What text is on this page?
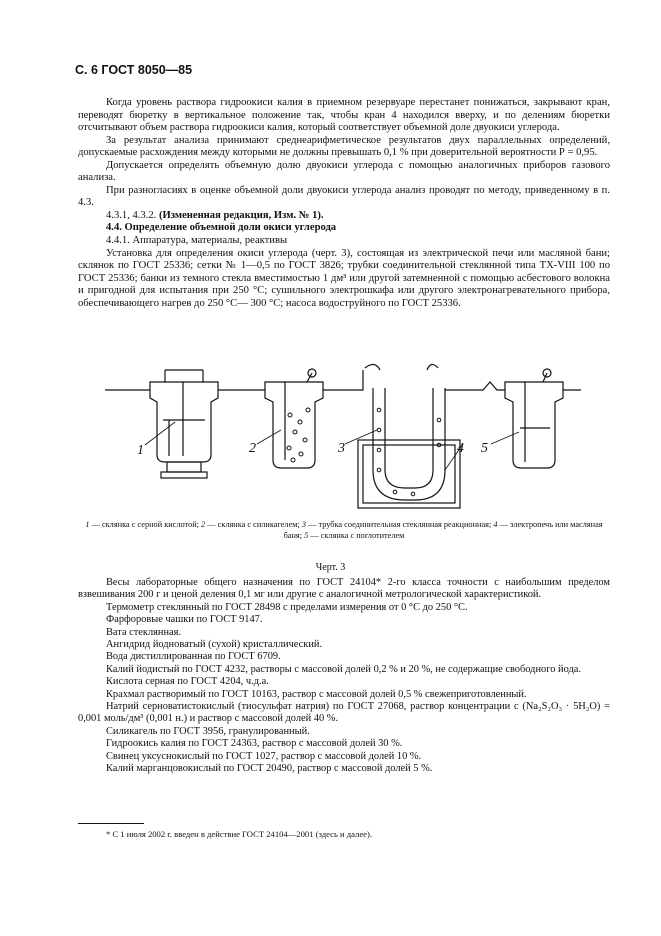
С. 6 ГОСТ 8050—85

Когда уровень раствора гидроокиси калия в приемном резервуаре перестанет понижаться, закрывают кран, переводят бюретку в вертикальное положение так, чтобы кран 4 находился вверху, и по делениям бюретки отсчитывают объем раствора гидроокиси калия, который соответствует объемной доле двуокиси углерода.

За результат анализа принимают среднеарифметическое результатов двух параллельных определений, допускаемые расхождения между которыми не должны превышать 0,1 % при доверительной вероятности Р = 0,95.

Допускается определять объемную долю двуокиси углерода с помощью аналогичных приборов газового анализа.

При разногласиях в оценке объемной доли двуокиси углерода анализ проводят по методу, приведенному в п. 4.3.

4.3.1, 4.3.2. (Измененная редакция, Изм. № 1).

4.4. Определение объемной доли окиси углерода

4.4.1. Аппаратура, материалы, реактивы

Установка для определения окиси углерода (черт. 3), состоящая из электрической печи или масляной бани; склянок по ГОСТ 25336; сетки № 1—0,5 по ГОСТ 3826; трубки соединительной стеклянной типа ТХ-VIII 100 по ГОСТ 25336; банки из темного стекла вместимостью 1 дм³ или другой затемненной с помощью асбестового волокна и пригодной для испытания при 250 °С; сушильного электрошкафа или другого электронагревательного прибора, обеспечивающего нагрев до 250 °С— 300 °С; насоса водоструйного по ГОСТ 25336.

1	2	3	4 5
1 — склянка с серной кислотой; 2 — склянка с силикагелем; 3 — трубка соединительная стеклянная реакционная; 4 — электропечь или масляная баня; 5 — склянка с поглотителем
Черт. 3

Весы лабораторные общего назначения по ГОСТ 24104* 2-го класса точности с наибольшим пределом взвешивания 200 г и ценой деления 0,1 мг или другие с аналогичной метрологической характеристикой.

Термометр стеклянный по ГОСТ 28498 с пределами измерения от 0 °С до 250 °С.

Фарфоровые чашки по ГОСТ 9147.

Вата стеклянная.

Ангидрид йодноватый (сухой) кристаллический.

Вода дистиллированная по ГОСТ 6709.

Калий йодистый по ГОСТ 4232, растворы с массовой долей 0,2 % и 20 %, не содержащие свободного йода.

Кислота серная по ГОСТ 4204, ч.д.а.

Крахмал растворимый по ГОСТ 10163, раствор с массовой долей 0,5 % свежеприготовленный.

Натрий серноватистокислый (тиосульфат натрия) по ГОСТ 27068, раствор концентрации с (Na₂S₂O₃ · 5H₂O) = 0,001 моль/дм³ (0,001 н.) и раствор с массовой долей 40 %.

Силикагель по ГОСТ 3956, гранулированный.

Гидроокись калия по ГОСТ 24363, раствор с массовой долей 30 %.

Свинец уксуснокислый по ГОСТ 1027, раствор с массовой долей 10 %.

Калий марганцовокислый по ГОСТ 20490, раствор с массовой долей 5 %.

* С 1 июля 2002 г. введен в действие ГОСТ 24104—2001 (здесь и далее).
